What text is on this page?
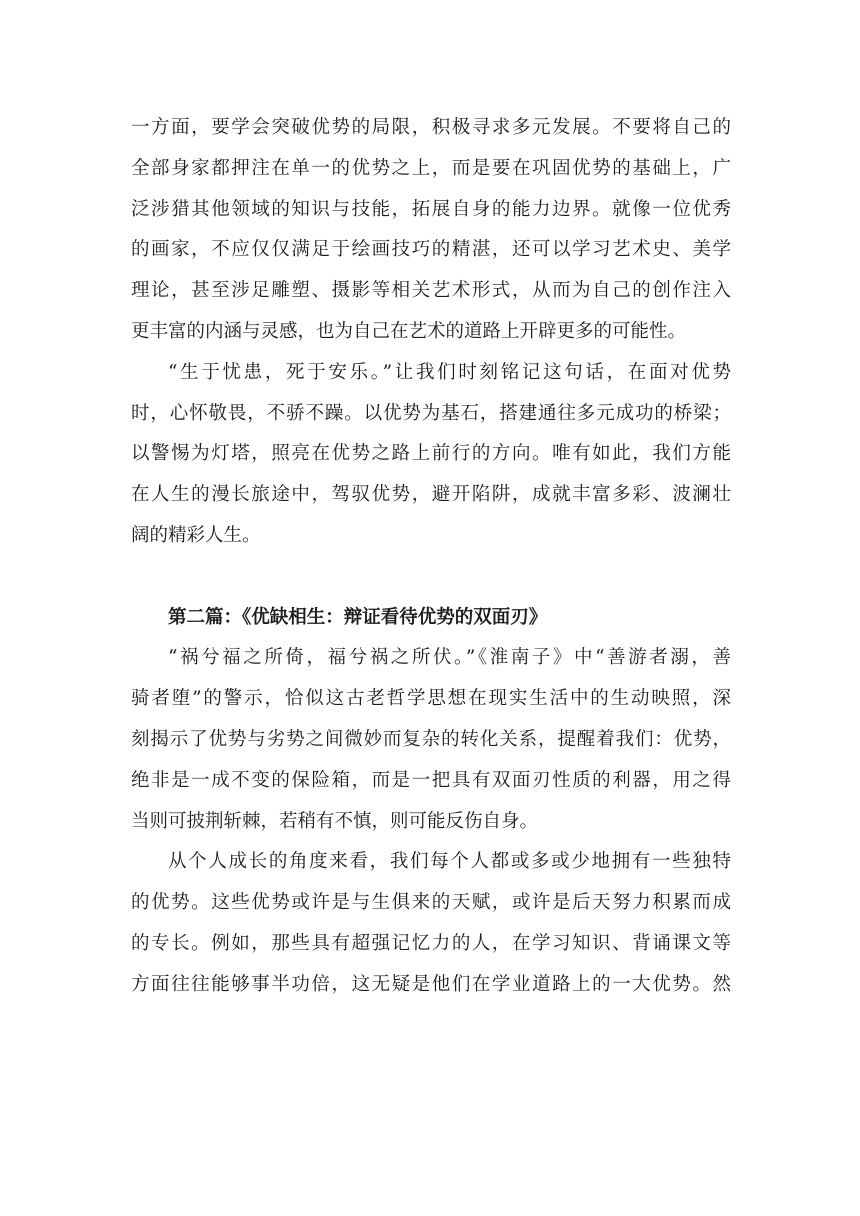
一方面，要学会突破优势的局限，积极寻求多元发展。不要将自己的
全部身家都押注在单一的优势之上，而是要在巩固优势的基础上，广
泛涉猎其他领域的知识与技能，拓展自身的能力边界。就像一位优秀
的画家，不应仅仅满足于绘画技巧的精湛，还可以学习艺术史、美学
理论，甚至涉足雕塑、摄影等相关艺术形式，从而为自己的创作注入
更丰富的内涵与灵感，也为自己在艺术的道路上开辟更多的可能性。
“生于忧患，死于安乐。”让我们时刻铭记这句话，在面对优势
时，心怀敬畏，不骄不躁。以优势为基石，搭建通往多元成功的桥梁；
以警惕为灯塔，照亮在优势之路上前行的方向。唯有如此，我们方能
在人生的漫长旅途中，驾驭优势，避开陷阱，成就丰富多彩、波澜壮
阔的精彩人生。
第二篇：《优缺相生：辩证看待优势的双面刃》
“祸兮福之所倚，福兮祸之所伏。”《淮南子》中“善游者溺，善
骑者堕”的警示，恰似这古老哲学思想在现实生活中的生动映照，深
刻揭示了优势与劣势之间微妙而复杂的转化关系，提醒着我们：优势，
绝非是一成不变的保险箱，而是一把具有双面刃性质的利器，用之得
当则可披荆斩棘，若稍有不慎，则可能反伤自身。
从个人成长的角度来看，我们每个人都或多或少地拥有一些独特
的优势。这些优势或许是与生俱来的天赋，或许是后天努力积累而成
的专长。例如，那些具有超强记忆力的人，在学习知识、背诵课文等
方面往往能够事半功倍，这无疑是他们在学业道路上的一大优势。然
